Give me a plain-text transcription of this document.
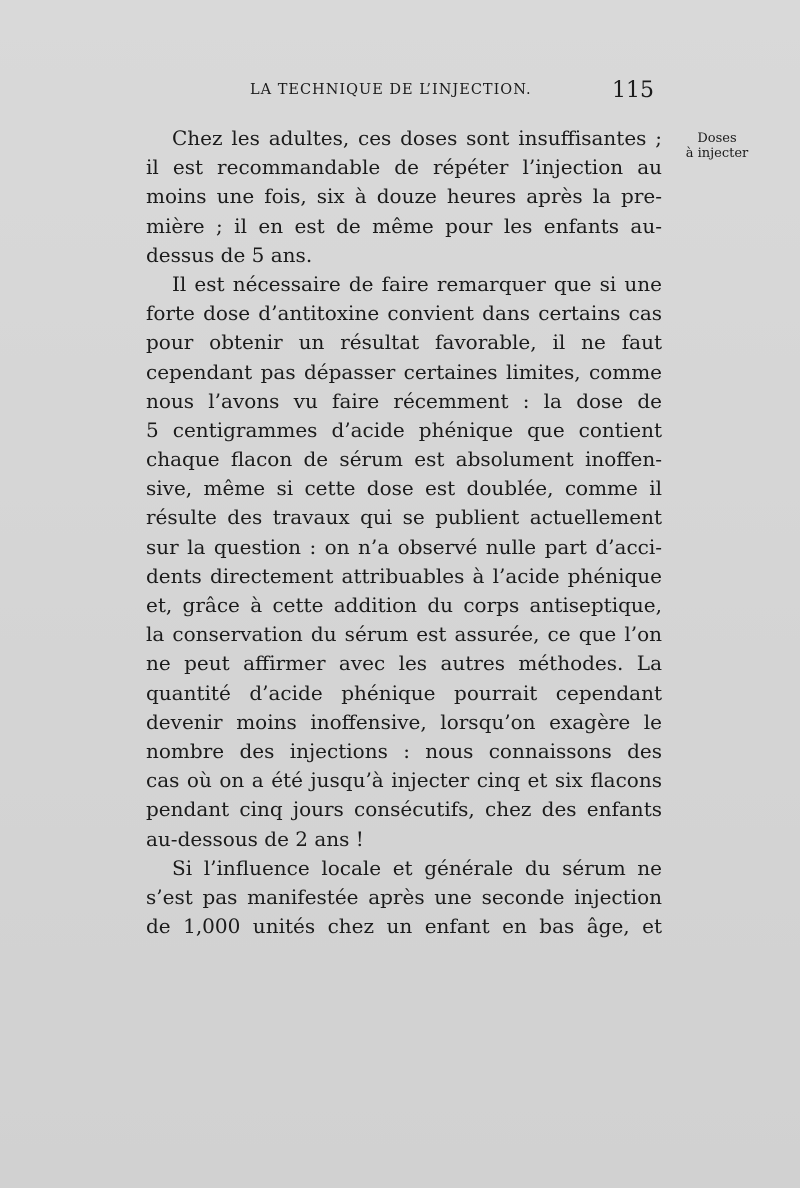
LA TECHNIQUE DE L’INJECTION.	115
Doses
à injecter
Chez les adultes, ces doses sont insuffisantes ;
il est recommandable de répéter l’injection au
moins une fois, six à douze heures après la pre-
mière ; il en est de même pour les enfants au-
dessus de 5 ans.
Il est nécessaire de faire remarquer que si une
forte dose d’antitoxine convient dans certains cas
pour obtenir un résultat favorable, il ne faut
cependant pas dépasser certaines limites, comme
nous l’avons vu faire récemment : la dose de
5 centigrammes d’acide phénique que contient
chaque flacon de sérum est absolument inoffen-
sive, même si cette dose est doublée, comme il
résulte des travaux qui se publient actuellement
sur la question : on n’a observé nulle part d’acci-
dents directement attribuables à l’acide phénique
et, grâce à cette addition du corps antiseptique,
la conservation du sérum est assurée, ce que l’on
ne peut affirmer avec les autres méthodes. La
quantité d’acide phénique pourrait cependant
devenir moins inoffensive, lorsqu’on exagère le
nombre des injections : nous connaissons des
cas où on a été jusqu’à injecter cinq et six flacons
pendant cinq jours consécutifs, chez des enfants
au-dessous de 2 ans !
Si l’influence locale et générale du sérum ne
s’est pas manifestée après une seconde injection
de 1,000 unités chez un enfant en bas âge, et
